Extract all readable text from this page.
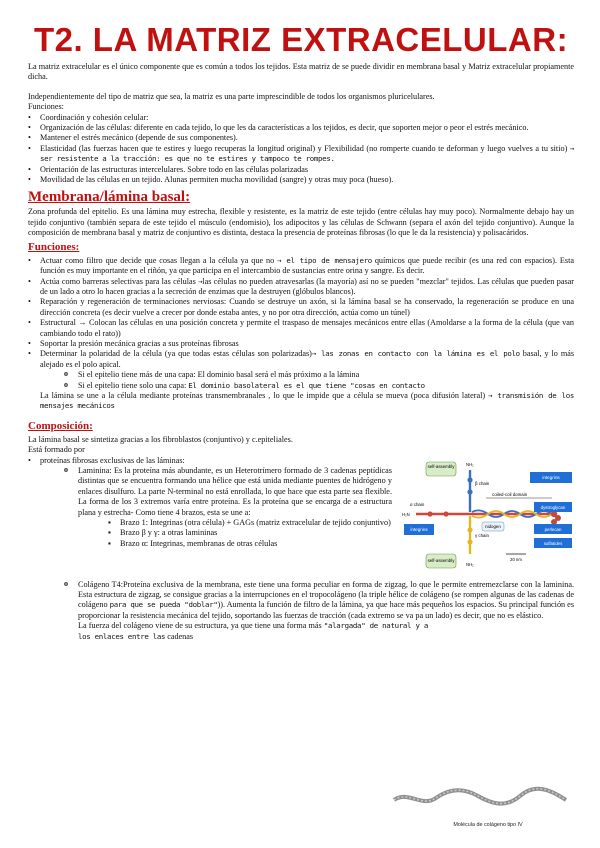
T2. LA MATRIZ EXTRACELULAR:

La matriz extracelular es el único componente que es común a todos los tejidos. Esta matriz de se puede dividir en membrana basal y Matriz extracelular propiamente dicha.

Independientemente del tipo de matriz que sea, la matriz es una parte imprescindible de todos los organismos pluricelulares.

Funciones:

• Coordinación y cohesión celular:
• Organización de las células: diferente en cada tejido, lo que les da características a los tejidos, es decir, que soporten mejor o peor el estrés mecánico.
• Mantener el estrés mecánico (depende de sus componentes).
• Elasticidad (las fuerzas hacen que te estires y luego recuperas la longitud original) y Flexibilidad (no romperte cuando te deforman y luego vuelves a tu sitio) → ser resistente a la tracción: es que no te estires y tampoco te rompes.
• Orientación de las estructuras intercelulares. Sobre todo en las células polarizadas
• Movilidad de las células en un tejido. Alunas permiten mucha movilidad (sangre) y otras muy poca (hueso).
Membrana/lámina basal:

Zona profunda del epitelio. Es una lámina muy estrecha, flexible y resistente, es la matriz de este tejido (entre células hay muy poco). Normalmente debajo hay un tejido conjuntivo (también separa de este tejido el músculo (endomisio), los adipocitos y las células de Schwann (separa el axón del tejido conjuntivo). Aunque la composición de membrana basal y matriz de conjuntivo es distinta, destaca la presencia de proteínas fibrosas (lo que le da la resistencia) y polisacáridos.

Funciones:
• Actuar como filtro que decide que cosas llegan a la célula ya que no → el tipo de mensajero químicos que puede recibir (es una red con espacios). Esta función es muy importante en el riñón, ya que participa en el intercambio de sustancias entre orina y sangre. Es decir.
• Actúa como barreras selectivas para las células →las células no pueden atravesarlas (la mayoría) así no se pueden "mezclar" tejidos. Las células que pueden pasar de un lado a otro lo hacen gracias a la secreción de enzimas que la destruyen (glóbulos blancos).
• Reparación y regeneración de terminaciones nerviosas: Cuando se destruye un axón, si la lámina basal se ha conservado, la regeneración se produce en una dirección concreta (es decir vuelve a crecer por donde estaba antes, y no por otra dirección, actúa como un túnel)
• Estructural → Colocan las células en una posición concreta y permite el traspaso de mensajes mecánicos entre ellas (Amoldarse a la forma de la célula (que van cambiando todo el rato))
• Soportar la presión mecánica gracias a sus proteínas fibrosas
• Determinar la polaridad de la célula (ya que todas estas células son polarizadas)→ las zonas en contacto con la lámina es el polo basal, y lo más alejado es el polo apical.
o Si el epitelio tiene más de una capa: El dominio basal será el más próximo a la lámina
o Si el epitelio tiene solo una capa: El dominio basolateral es el que tiene "cosas en contacto

La lámina se une a la célula mediante proteínas transmembranales , lo que le impide que a célula se mueva (poca difusión lateral) → transmisión de los mensajes mecánicos

Composición:

La lámina basal se sintetiza gracias a los fibroblastos (conjuntivo) y c.epiteliales.

Está formado por

• proteínas fibrosas exclusivas de las láminas:
self-assembly	NH₂
β chain
coiled-coil domain
α chain
H₂N
γ chain
nidogen
integrins
self-assembly
NH₂
integrins
dystroglycan
perlecan
sulfatides
20 nm
o Laminina: Es la proteína más abundante, es un Heterotrímero formado de 3 cadenas peptídicas distintas que se encuentra formando una hélice que está unida mediante puentes de hidrógeno y enlaces disulfuro. La parte N-terminal no está enrollada, lo que hace que esta parte sea flexible. La forma de los 3 extremos varía entre proteína. Es la proteína que se encarga de a estructura plana y estrecha- Como tiene 4 brazos, esta se une a:
▪ Brazo 1: Integrinas (otra célula) + GAGs (matriz extracelular de tejido conjuntivo)
▪ Brazo β y γ: a otras lamininas
▪ Brazo α: Integrinas, membranas de otras células
o Colágeno T4:Proteína exclusiva de la membrana, este tiene una forma peculiar en forma de zigzag, lo que le permite entremezclarse con la laminina. Esta estructura de zigzag, se consigue gracias a la interrupciones en el tropocolágeno (la triple hélice de colágeno (se rompen algunas de las cadenas de colágeno para que se pueda "doblar")). Aumenta la función de filtro de la lámina, ya que hace más pequeños los espacios. Su principal función es proporcionar la resistencia mecánica del tejido, soportando las fuerzas de tracción (cada extremo se va pa un lado) es decir, que no es elástico.
La fuerza del colágeno viene de su estructura, ya que tiene una forma más "alargada" de natural y a los enlaces entre las cadenas
Molécula de colágeno tipo IV
